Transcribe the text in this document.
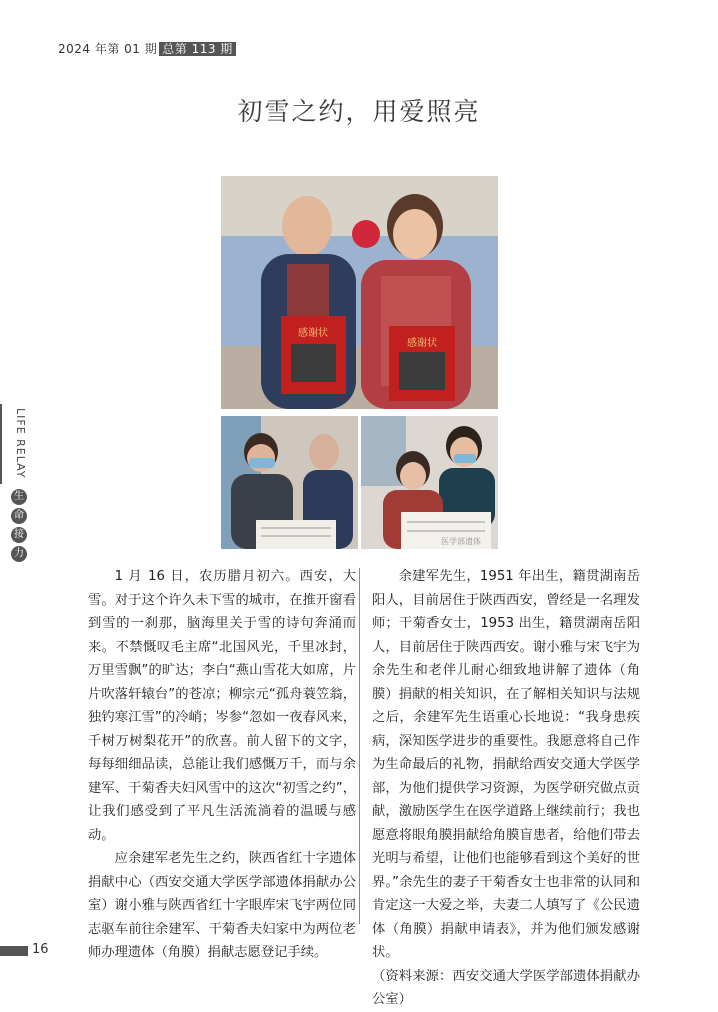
2024 年第 01 期 总第 113 期
初雪之约，用爱照亮
感谢状
感谢状
医学部遗体
LIFE RELAY
生
命
接
力

1 月 16 日，农历腊月初六。西安，大雪。对于这个许久未下雪的城市，在推开窗看到雪的一刹那，脑海里关于雪的诗句奔涌而来。不禁慨叹毛主席“北国风光，千里冰封，万里雪飘”的旷达；李白“燕山雪花大如席，片片吹落轩辕台”的苍凉；柳宗元“孤舟蓑笠翁，独钓寒江雪”的冷峭；岑参“忽如一夜春风来，千树万树梨花开”的欣喜。前人留下的文字，每每细细品读，总能让我们感慨万千，而与余建军、干菊香夫妇风雪中的这次“初雪之约”，让我们感受到了平凡生活流淌着的温暖与感动。

应余建军老先生之约，陕西省红十字遗体捐献中心（西安交通大学医学部遗体捐献办公室）谢小雅与陕西省红十字眼库宋飞宇两位同志驱车前往余建军、干菊香夫妇家中为两位老师办理遗体（角膜）捐献志愿登记手续。

余建军先生，1951 年出生，籍贯湖南岳阳人，目前居住于陕西西安，曾经是一名理发师；干菊香女士，1953 出生，籍贯湖南岳阳人，目前居住于陕西西安。谢小雅与宋飞宇为余先生和老伴儿耐心细致地讲解了遗体（角膜）捐献的相关知识，在了解相关知识与法规之后，余建军先生语重心长地说：“我身患疾病，深知医学进步的重要性。我愿意将自己作为生命最后的礼物，捐献给西安交通大学医学部，为他们提供学习资源，为医学研究做点贡献，激励医学生在医学道路上继续前行；我也愿意将眼角膜捐献给角膜盲患者，给他们带去光明与希望，让他们也能够看到这个美好的世界。”余先生的妻子干菊香女士也非常的认同和肯定这一大爱之举，夫妻二人填写了《公民遗体（角膜）捐献申请表》，并为他们颁发感谢状。

（资料来源：西安交通大学医学部遗体捐献办公室）

16
